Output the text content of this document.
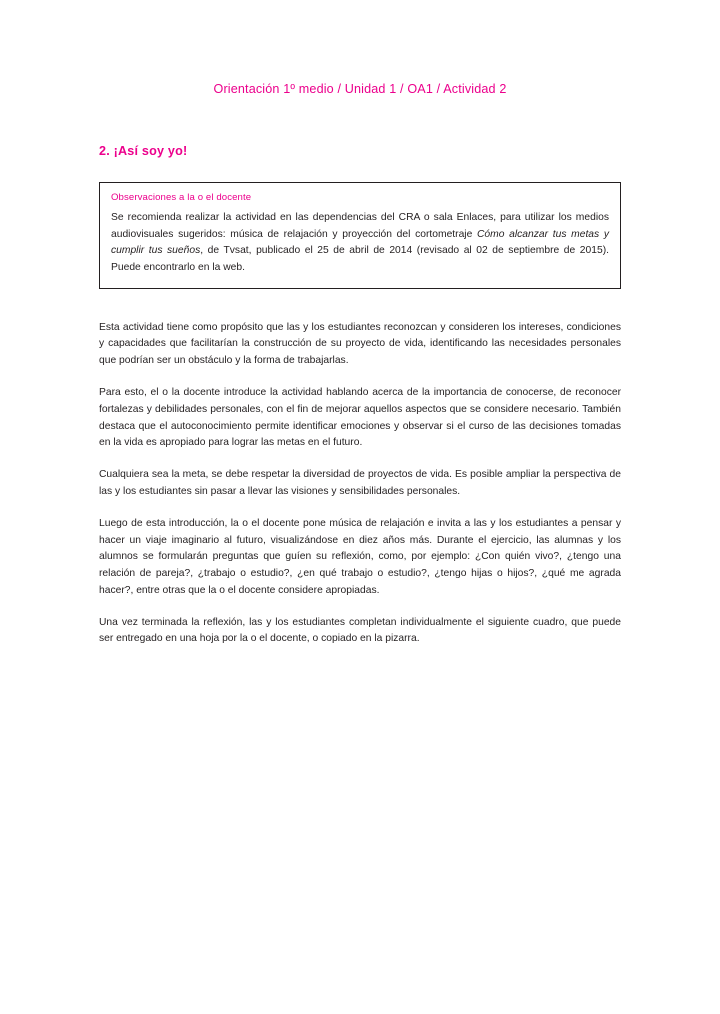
Orientación 1º medio / Unidad 1 / OA1 / Actividad 2
2. ¡Así soy yo!
Observaciones a la o el docente
Se recomienda realizar la actividad en las dependencias del CRA o sala Enlaces, para utilizar los medios audiovisuales sugeridos: música de relajación y proyección del cortometraje Cómo alcanzar tus metas y cumplir tus sueños, de Tvsat, publicado el 25 de abril de 2014 (revisado al 02 de septiembre de 2015). Puede encontrarlo en la web.

Esta actividad tiene como propósito que las y los estudiantes reconozcan y consideren los intereses, condiciones y capacidades que facilitarían la construcción de su proyecto de vida, identificando las necesidades personales que podrían ser un obstáculo y la forma de trabajarlas.

Para esto, el o la docente introduce la actividad hablando acerca de la importancia de conocerse, de reconocer fortalezas y debilidades personales, con el fin de mejorar aquellos aspectos que se considere necesario. También destaca que el autoconocimiento permite identificar emociones y observar si el curso de las decisiones tomadas en la vida es apropiado para lograr las metas en el futuro.

Cualquiera sea la meta, se debe respetar la diversidad de proyectos de vida. Es posible ampliar la perspectiva de las y los estudiantes sin pasar a llevar las visiones y sensibilidades personales.

Luego de esta introducción, la o el docente pone música de relajación e invita a las y los estudiantes a pensar y hacer un viaje imaginario al futuro, visualizándose en diez años más. Durante el ejercicio, las alumnas y los alumnos se formularán preguntas que guíen su reflexión, como, por ejemplo: ¿Con quién vivo?, ¿tengo una relación de pareja?, ¿trabajo o estudio?, ¿en qué trabajo o estudio?, ¿tengo hijas o hijos?, ¿qué me agrada hacer?, entre otras que la o el docente considere apropiadas.

Una vez terminada la reflexión, las y los estudiantes completan individualmente el siguiente cuadro, que puede ser entregado en una hoja por la o el docente, o copiado en la pizarra.
